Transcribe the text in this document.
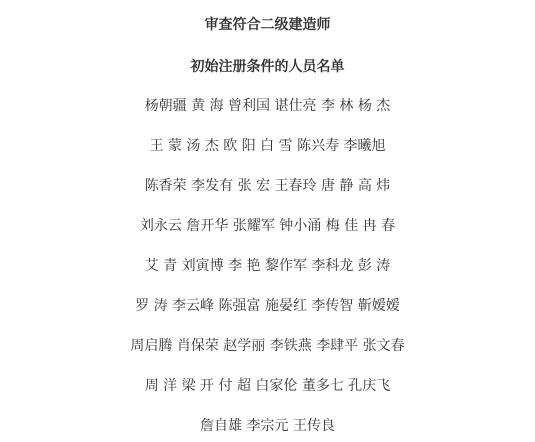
审查符合二级建造师
初始注册条件的人员名单
杨朝疆 黄 海 曾利国 谌仕亮 李 林 杨 杰
王 蒙 汤 杰 欧 阳 白 雪 陈兴寿 李曦旭
陈香荣 李发有 张 宏 王春玲 唐 静 高 炜
刘永云 詹开华 张耀军 钟小涌 梅 佳 冉 春
艾 青 刘寅博 李 艳 黎作军 李科龙 彭 涛
罗 涛 李云峰 陈强富 施晏红 李传智 靳嫒嫒
周启腾 肖保荣 赵学丽 李铁燕 李肆平 张文春
周 洋 梁 开 付 超 白家伦 董多七 孔庆飞
詹自雄 李宗元 王传良
